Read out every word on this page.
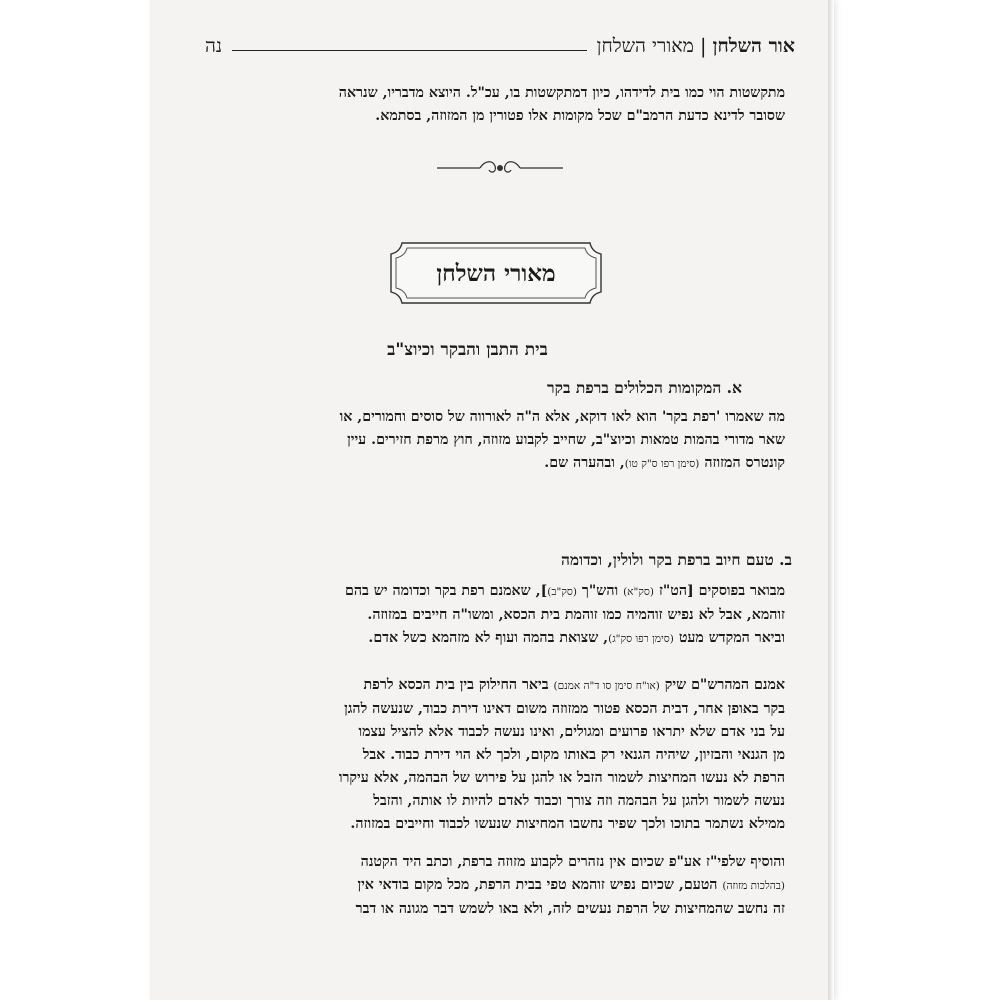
אור השלחן
|
מאורי השלחן
נה
מתקשטות הוי כמו בית לדידהו, כיון דמתקשטות בו, עכ"ל. היוצא מדבריו, שנראה
שסובר לדינא כדעת הרמב"ם שכל מקומות אלו פטורין מן המזוזה, בסתמא.
מאורי השלחן
בית התבן והבקר וכיוצ"ב
א. המקומות הכלולים ברפת בקר
מה שאמרו 'רפת בקר' הוא לאו דוקא, אלא ה"ה לאורווה של סוסים וחמורים, או
שאר מדורי בהמות טמאות וכיוצ"ב, שחייב לקבוע מזוזה, חוץ מרפת חזירים. עיין
קונטרס המזוזה (סימן רפו ס"ק טו), ובהערה שם.
ב. טעם חיוב ברפת בקר ולולין, וכדומה
מבואר בפוסקים [הט"ז (סק"א) והש"ך (סק"ב)], שאמנם רפת בקר וכדומה יש בהם
זוהמא, אבל לא נפיש זוהמיה כמו זוהמת בית הכסא, ומשו"ה חייבים במזוזה.
וביאר המקדש מעט (סימן רפו סק"ג), שצואת בהמה ועוף לא מזהמא כשל אדם.
אמנם המהרש"ם שיק (או"ח סימן סו ד"ה אמנם) ביאר החילוק בין בית הכסא לרפת
בקר באופן אחר, דבית הכסא פטור ממזוזה משום דאינו דירת כבוד, שנעשה להגן
על בני אדם שלא יתראו פרועים ומגולים, ואינו נעשה לכבוד אלא להציל עצמו
מן הגנאי והבזיון, שיהיה הגנאי רק באותו מקום, ולכך לא הוי דירת כבוד. אבל
הרפת לא נעשו המחיצות לשמור הזבל או להגן על פירוש של הבהמה, אלא עיקרו
נעשה לשמור ולהגן על הבהמה וזה צורך וכבוד לאדם להיות לו אותה, והזבל
ממילא נשתמר בתוכו ולכך שפיר נחשבו המחיצות שנעשו לכבוד וחייבים במזוזה.
והוסיף שלפי"ז אע"פ שכיום אין נזהרים לקבוע מזוזה ברפת, וכתב היד הקטנה
(בהלכות מזוזה) הטעם, שכיום נפיש זוהמא טפי בבית הרפת, מכל מקום בודאי אין
זה נחשב שהמחיצות של הרפת נעשים לזה, ולא באו לשמש דבר מגונה או דבר
